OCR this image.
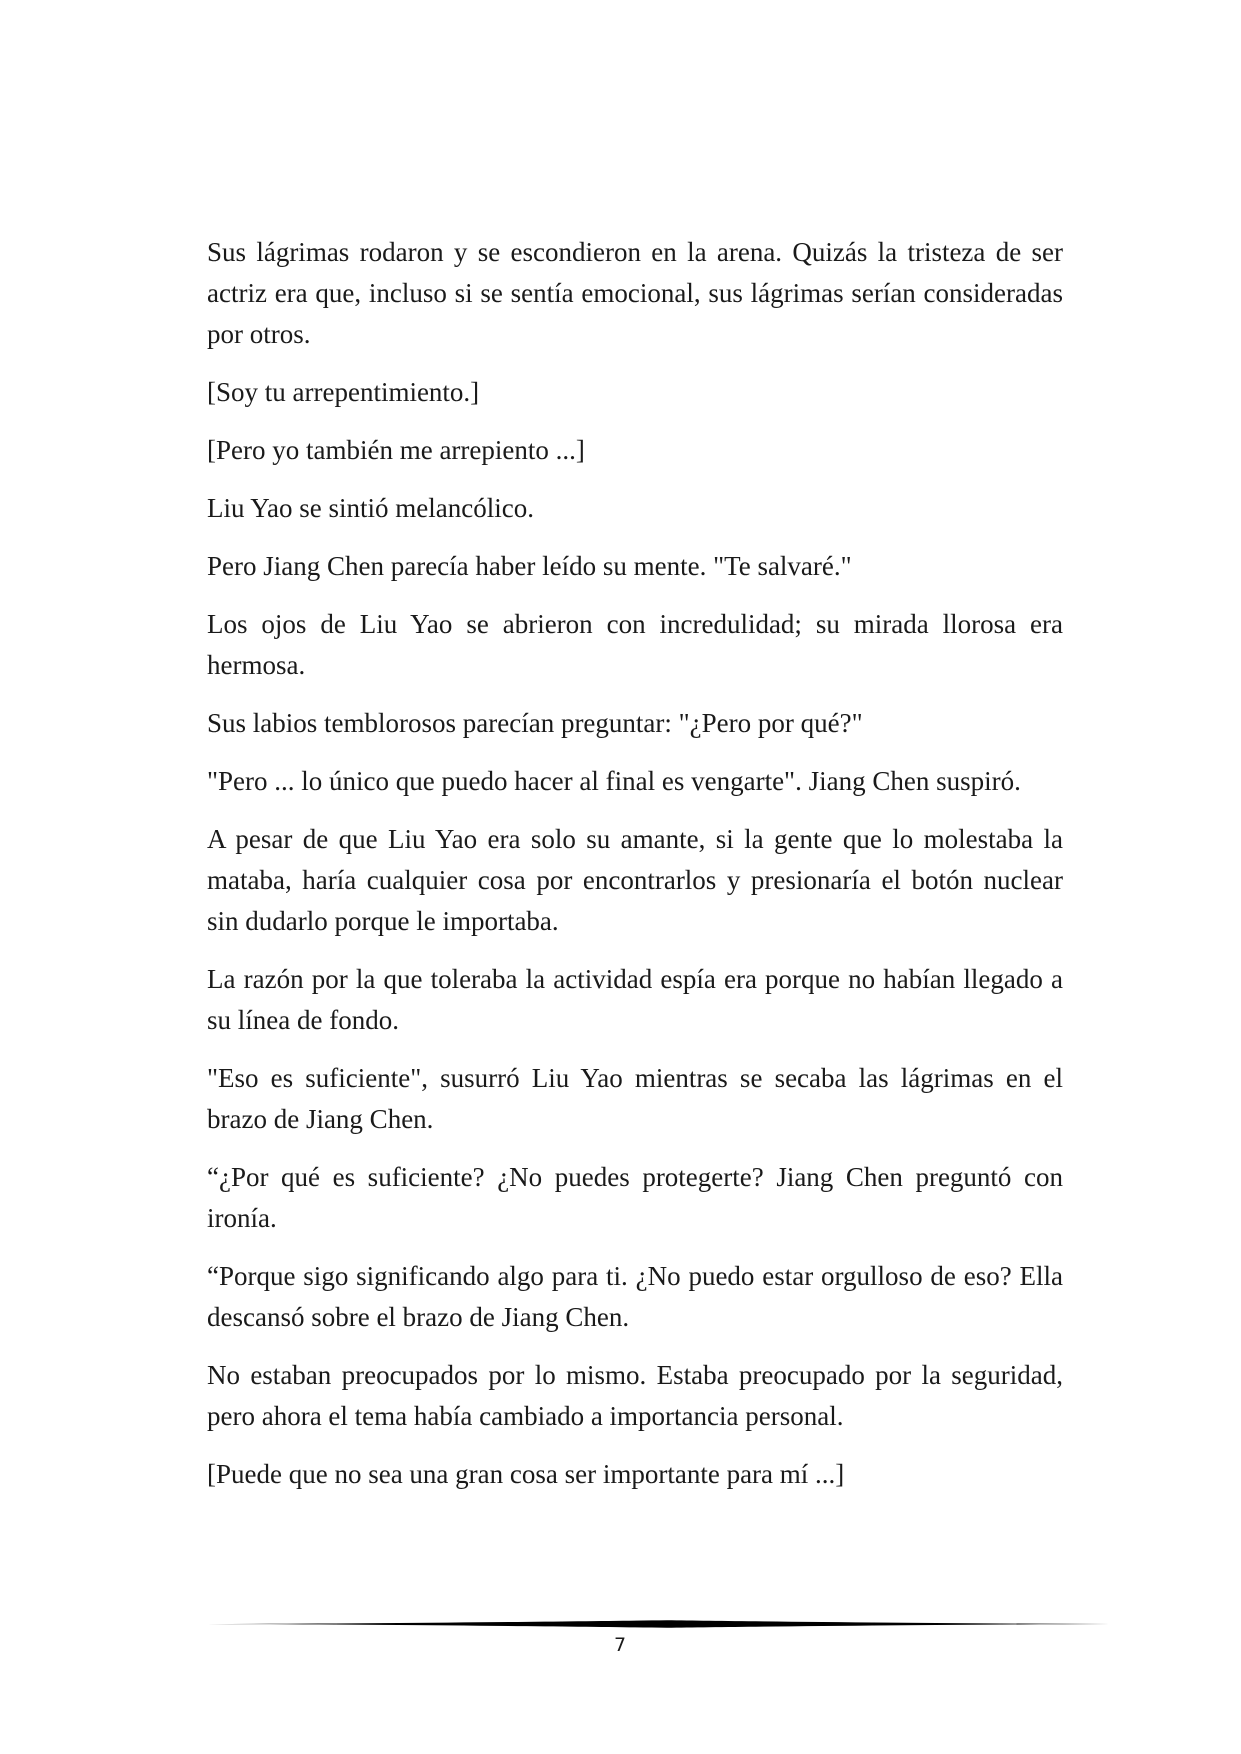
Sus lágrimas rodaron y se escondieron en la arena. Quizás la tristeza de ser actriz era que, incluso si se sentía emocional, sus lágrimas serían consideradas por otros.

[Soy tu arrepentimiento.]

[Pero yo también me arrepiento ...]

Liu Yao se sintió melancólico.

Pero Jiang Chen parecía haber leído su mente. "Te salvaré."

Los ojos de Liu Yao se abrieron con incredulidad; su mirada llorosa era hermosa.

Sus labios temblorosos parecían preguntar: "¿Pero por qué?"

"Pero ... lo único que puedo hacer al final es vengarte". Jiang Chen suspiró.

A pesar de que Liu Yao era solo su amante, si la gente que lo molestaba la mataba, haría cualquier cosa por encontrarlos y presionaría el botón nuclear sin dudarlo porque le importaba.

La razón por la que toleraba la actividad espía era porque no habían llegado a su línea de fondo.

"Eso es suficiente", susurró Liu Yao mientras se secaba las lágrimas en el brazo de Jiang Chen.

“¿Por qué es suficiente? ¿No puedes protegerte? Jiang Chen preguntó con ironía.

“Porque sigo significando algo para ti. ¿No puedo estar orgulloso de eso? Ella descansó sobre el brazo de Jiang Chen.

No estaban preocupados por lo mismo. Estaba preocupado por la seguridad, pero ahora el tema había cambiado a importancia personal.

[Puede que no sea una gran cosa ser importante para mí ...]

7
